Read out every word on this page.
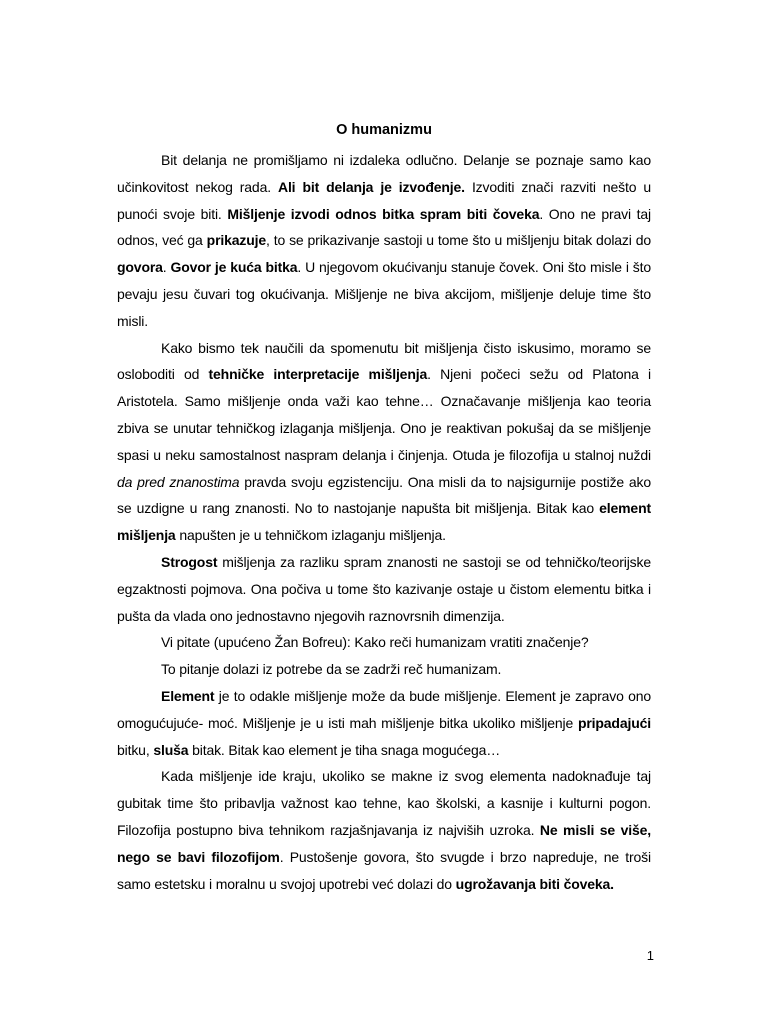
O humanizmu

Bit delanja ne promišljamo ni izdaleka odlučno. Delanje se poznaje samo kao učinkovitost nekog rada. Ali bit delanja je izvođenje. Izvoditi znači razviti nešto u punoći svoje biti. Mišljenje izvodi odnos bitka spram biti čoveka. Ono ne pravi taj odnos, već ga prikazuje, to se prikazivanje sastoji u tome što u mišljenju bitak dolazi do govora. Govor je kuća bitka. U njegovom okućivanju stanuje čovek. Oni što misle i što pevaju jesu čuvari tog okućivanja. Mišljenje ne biva akcijom, mišljenje deluje time što misli.

Kako bismo tek naučili da spomenutu bit mišljenja čisto iskusimo, moramo se osloboditi od tehničke interpretacije mišljenja. Njeni počeci sežu od Platona i Aristotela. Samo mišljenje onda važi kao tehne… Označavanje mišljenja kao teoria zbiva se unutar tehničkog izlaganja mišljenja. Ono je reaktivan pokušaj da se mišljenje spasi u neku samostalnost naspram delanja i činjenja. Otuda je filozofija u stalnoj nuždi da pred znanostima pravda svoju egzistenciju. Ona misli da to najsigurnije postiže ako se uzdigne u rang znanosti. No to nastojanje napušta bit mišljenja. Bitak kao element mišljenja napušten je u tehničkom izlaganju mišljenja.

Strogost mišljenja za razliku spram znanosti ne sastoji se od tehničko/teorijske egzaktnosti pojmova. Ona počiva u tome što kazivanje ostaje u čistom elementu bitka i pušta da vlada ono jednostavno njegovih raznovrsnih dimenzija.

Vi pitate (upućeno Žan Bofreu): Kako reči humanizam vratiti značenje?

To pitanje dolazi iz potrebe da se zadrži reč humanizam.

Element je to odakle mišljenje može da bude mišljenje. Element je zapravo ono omogućujuće- moć. Mišljenje je u isti mah mišljenje bitka ukoliko mišljenje pripadajući bitku, sluša bitak. Bitak kao element je tiha snaga mogućega…

Kada mišljenje ide kraju, ukoliko se makne iz svog elementa nadoknađuje taj gubitak time što pribavlja važnost kao tehne, kao školski, a kasnije i kulturni pogon. Filozofija postupno biva tehnikom razjašnjavanja iz najviših uzroka. Ne misli se više, nego se bavi filozofijom. Pustošenje govora, što svugde i brzo napreduje, ne troši samo estetsku i moralnu u svojoj upotrebi već dolazi do ugrožavanja biti čoveka.

1
